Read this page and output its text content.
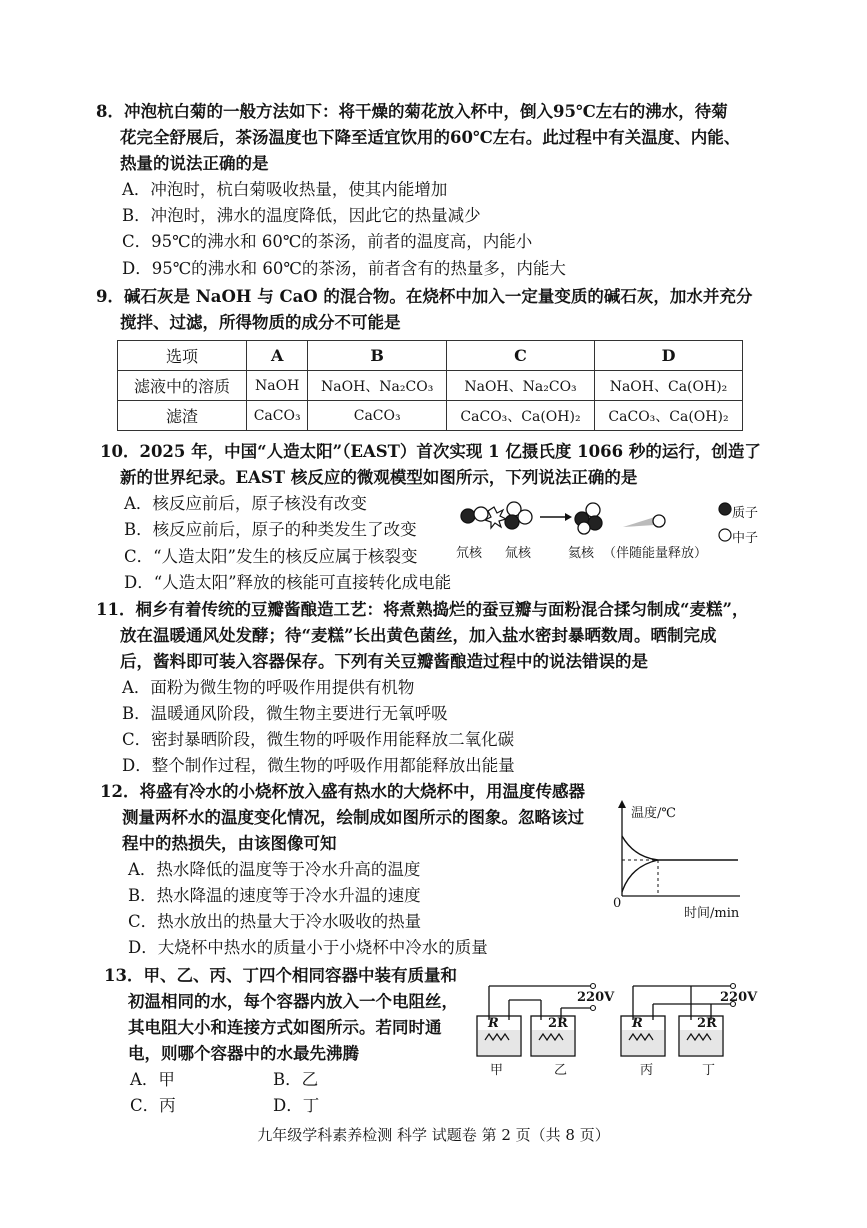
8．冲泡杭白菊的一般方法如下：将干燥的菊花放入杯中，倒入95℃左右的沸水，待菊
花完全舒展后，茶汤温度也下降至适宜饮用的60℃左右。此过程中有关温度、内能、
热量的说法正确的是
A．冲泡时，杭白菊吸收热量，使其内能增加
B．冲泡时，沸水的温度降低，因此它的热量减少
C．95℃的沸水和 60℃的茶汤，前者的温度高，内能小
D．95℃的沸水和 60℃的茶汤，前者含有的热量多，内能大
9．碱石灰是 NaOH 与 CaO 的混合物。在烧杯中加入一定量变质的碱石灰，加水并充分
搅拌、过滤，所得物质的成分不可能是
选项	A	B	C	D
滤液中的溶质	NaOH	NaOH、Na₂CO₃	NaOH、Na₂CO₃	NaOH、Ca(OH)₂
滤渣	CaCO₃	CaCO₃	CaCO₃、Ca(OH)₂	CaCO₃、Ca(OH)₂
10．2025 年，中国“人造太阳”（EAST）首次实现 1 亿摄氏度 1066 秒的运行，创造了
新的世界纪录。EAST 核反应的微观模型如图所示，下列说法正确的是
A．核反应前后，原子核没有改变
B．核反应前后，原子的种类发生了改变
C．“人造太阳”发生的核反应属于核裂变
D．“人造太阳”释放的核能可直接转化成电能
质子
中子
氘核 氚核	氦核 （伴随能量释放）
11．桐乡有着传统的豆瓣酱酿造工艺：将煮熟捣烂的蚕豆瓣与面粉混合揉匀制成“麦糕”，
放在温暖通风处发酵；待“麦糕”长出黄色菌丝，加入盐水密封暴晒数周。晒制完成
后，酱料即可装入容器保存。下列有关豆瓣酱酿造过程中的说法错误的是
A．面粉为微生物的呼吸作用提供有机物
B．温暖通风阶段，微生物主要进行无氧呼吸
C．密封暴晒阶段，微生物的呼吸作用能释放二氧化碳
D．整个制作过程，微生物的呼吸作用都能释放出能量
12．将盛有冷水的小烧杯放入盛有热水的大烧杯中，用温度传感器
测量两杯水的温度变化情况，绘制成如图所示的图象。忽略该过
程中的热损失，由该图像可知
A．热水降低的温度等于冷水升高的温度
B．热水降温的速度等于冷水升温的速度
C．热水放出的热量大于冷水吸收的热量
D．大烧杯中热水的质量小于小烧杯中冷水的质量
温度/℃
0
时间/min
13．甲、乙、丙、丁四个相同容器中装有质量和
初温相同的水，每个容器内放入一个电阻丝，
其电阻大小和连接方式如图所示。若同时通
电，则哪个容器中的水最先沸腾
A．甲	B．乙
C．丙	D．丁
220V	220V
R	2R	R	2R
甲	乙	丙	丁
九年级学科素养检测 科学 试题卷 第 2 页（共 8 页）
